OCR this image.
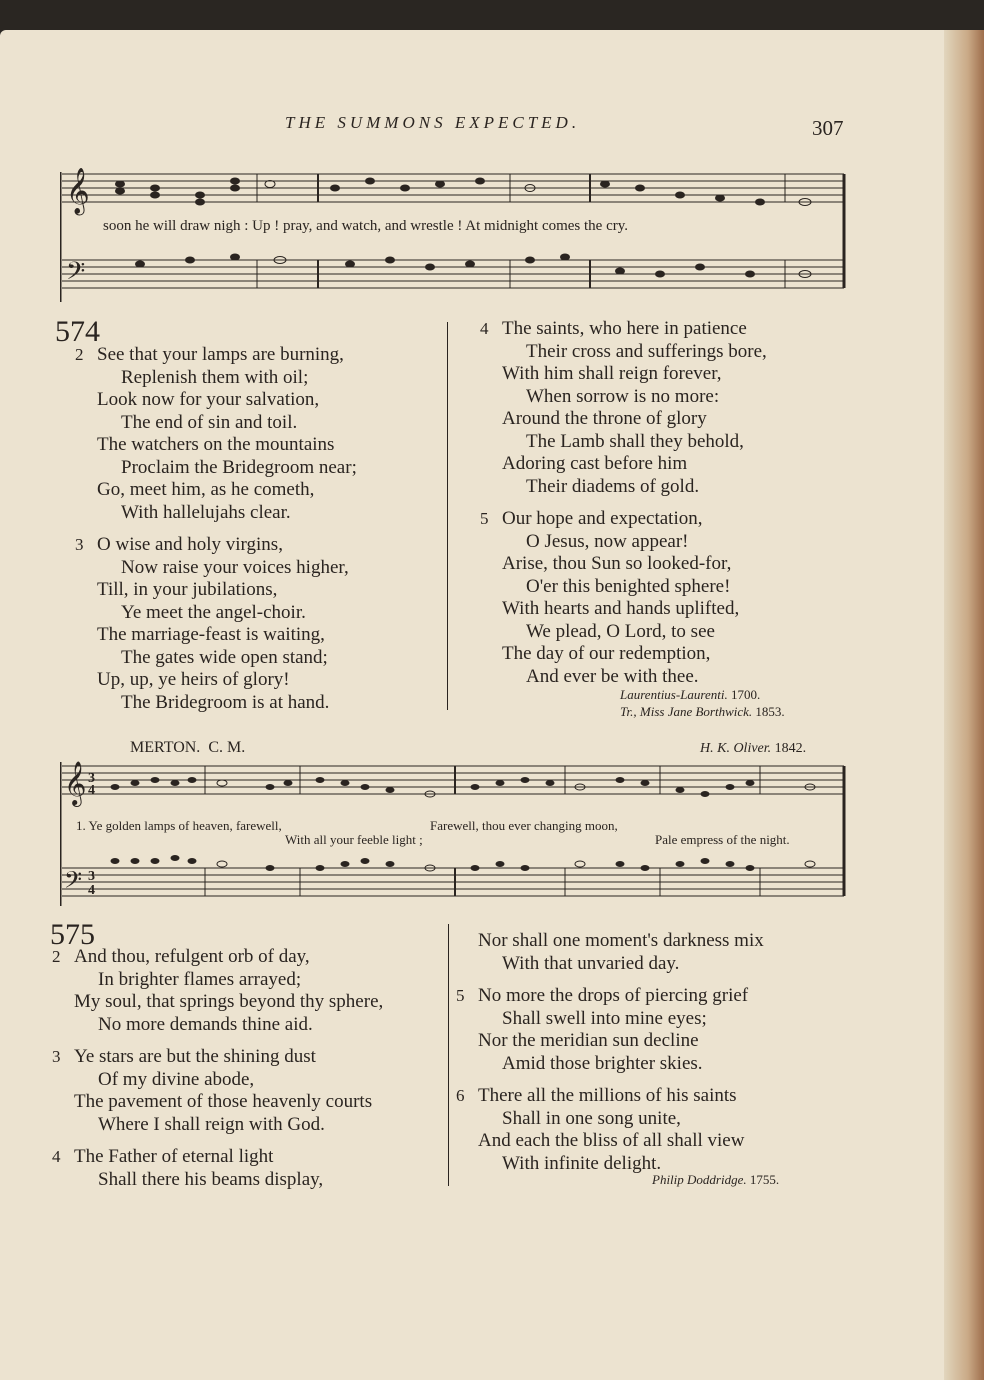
THE SUMMONS EXPECTED.	307
𝄞
𝄢
soon he will draw nigh : Up ! pray, and watch, and wrestle ! At midnight comes the cry.
574
2 See that your lamps are burning,
Replenish them with oil;
Look now for your salvation,
The end of sin and toil.
The watchers on the mountains
Proclaim the Bridegroom near;
Go, meet him, as he cometh,
With hallelujahs clear.
3 O wise and holy virgins,
Now raise your voices higher,
Till, in your jubilations,
Ye meet the angel-choir.
The marriage-feast is waiting,
The gates wide open stand;
Up, up, ye heirs of glory!
The Bridegroom is at hand.
4 The saints, who here in patience
Their cross and sufferings bore,
With him shall reign forever,
When sorrow is no more:
Around the throne of glory
The Lamb shall they behold,
Adoring cast before him
Their diadems of gold.
5 Our hope and expectation,
O Jesus, now appear!
Arise, thou Sun so looked-for,
O'er this benighted sphere!
With hearts and hands uplifted,
We plead, O Lord, to see
The day of our redemption,
And ever be with thee.
Laurentius-Laurenti. 1700.
Tr., Miss Jane Borthwick. 1853.
MERTON. C. M.	H. K. Oliver. 1842.
𝄞 3
4
𝄢 3
4
1. Ye golden lamps of heaven, farewell,	Farewell, thou ever changing moon,
With all your feeble light ;	Pale empress of the night.
575
2 And thou, refulgent orb of day,
In brighter flames arrayed;
My soul, that springs beyond thy sphere,
No more demands thine aid.
3 Ye stars are but the shining dust
Of my divine abode,
The pavement of those heavenly courts
Where I shall reign with God.
4 The Father of eternal light
Shall there his beams display,
Nor shall one moment's darkness mix
With that unvaried day.
5 No more the drops of piercing grief
Shall swell into mine eyes;
Nor the meridian sun decline
Amid those brighter skies.
6 There all the millions of his saints
Shall in one song unite,
And each the bliss of all shall view
With infinite delight.
Philip Doddridge. 1755.
